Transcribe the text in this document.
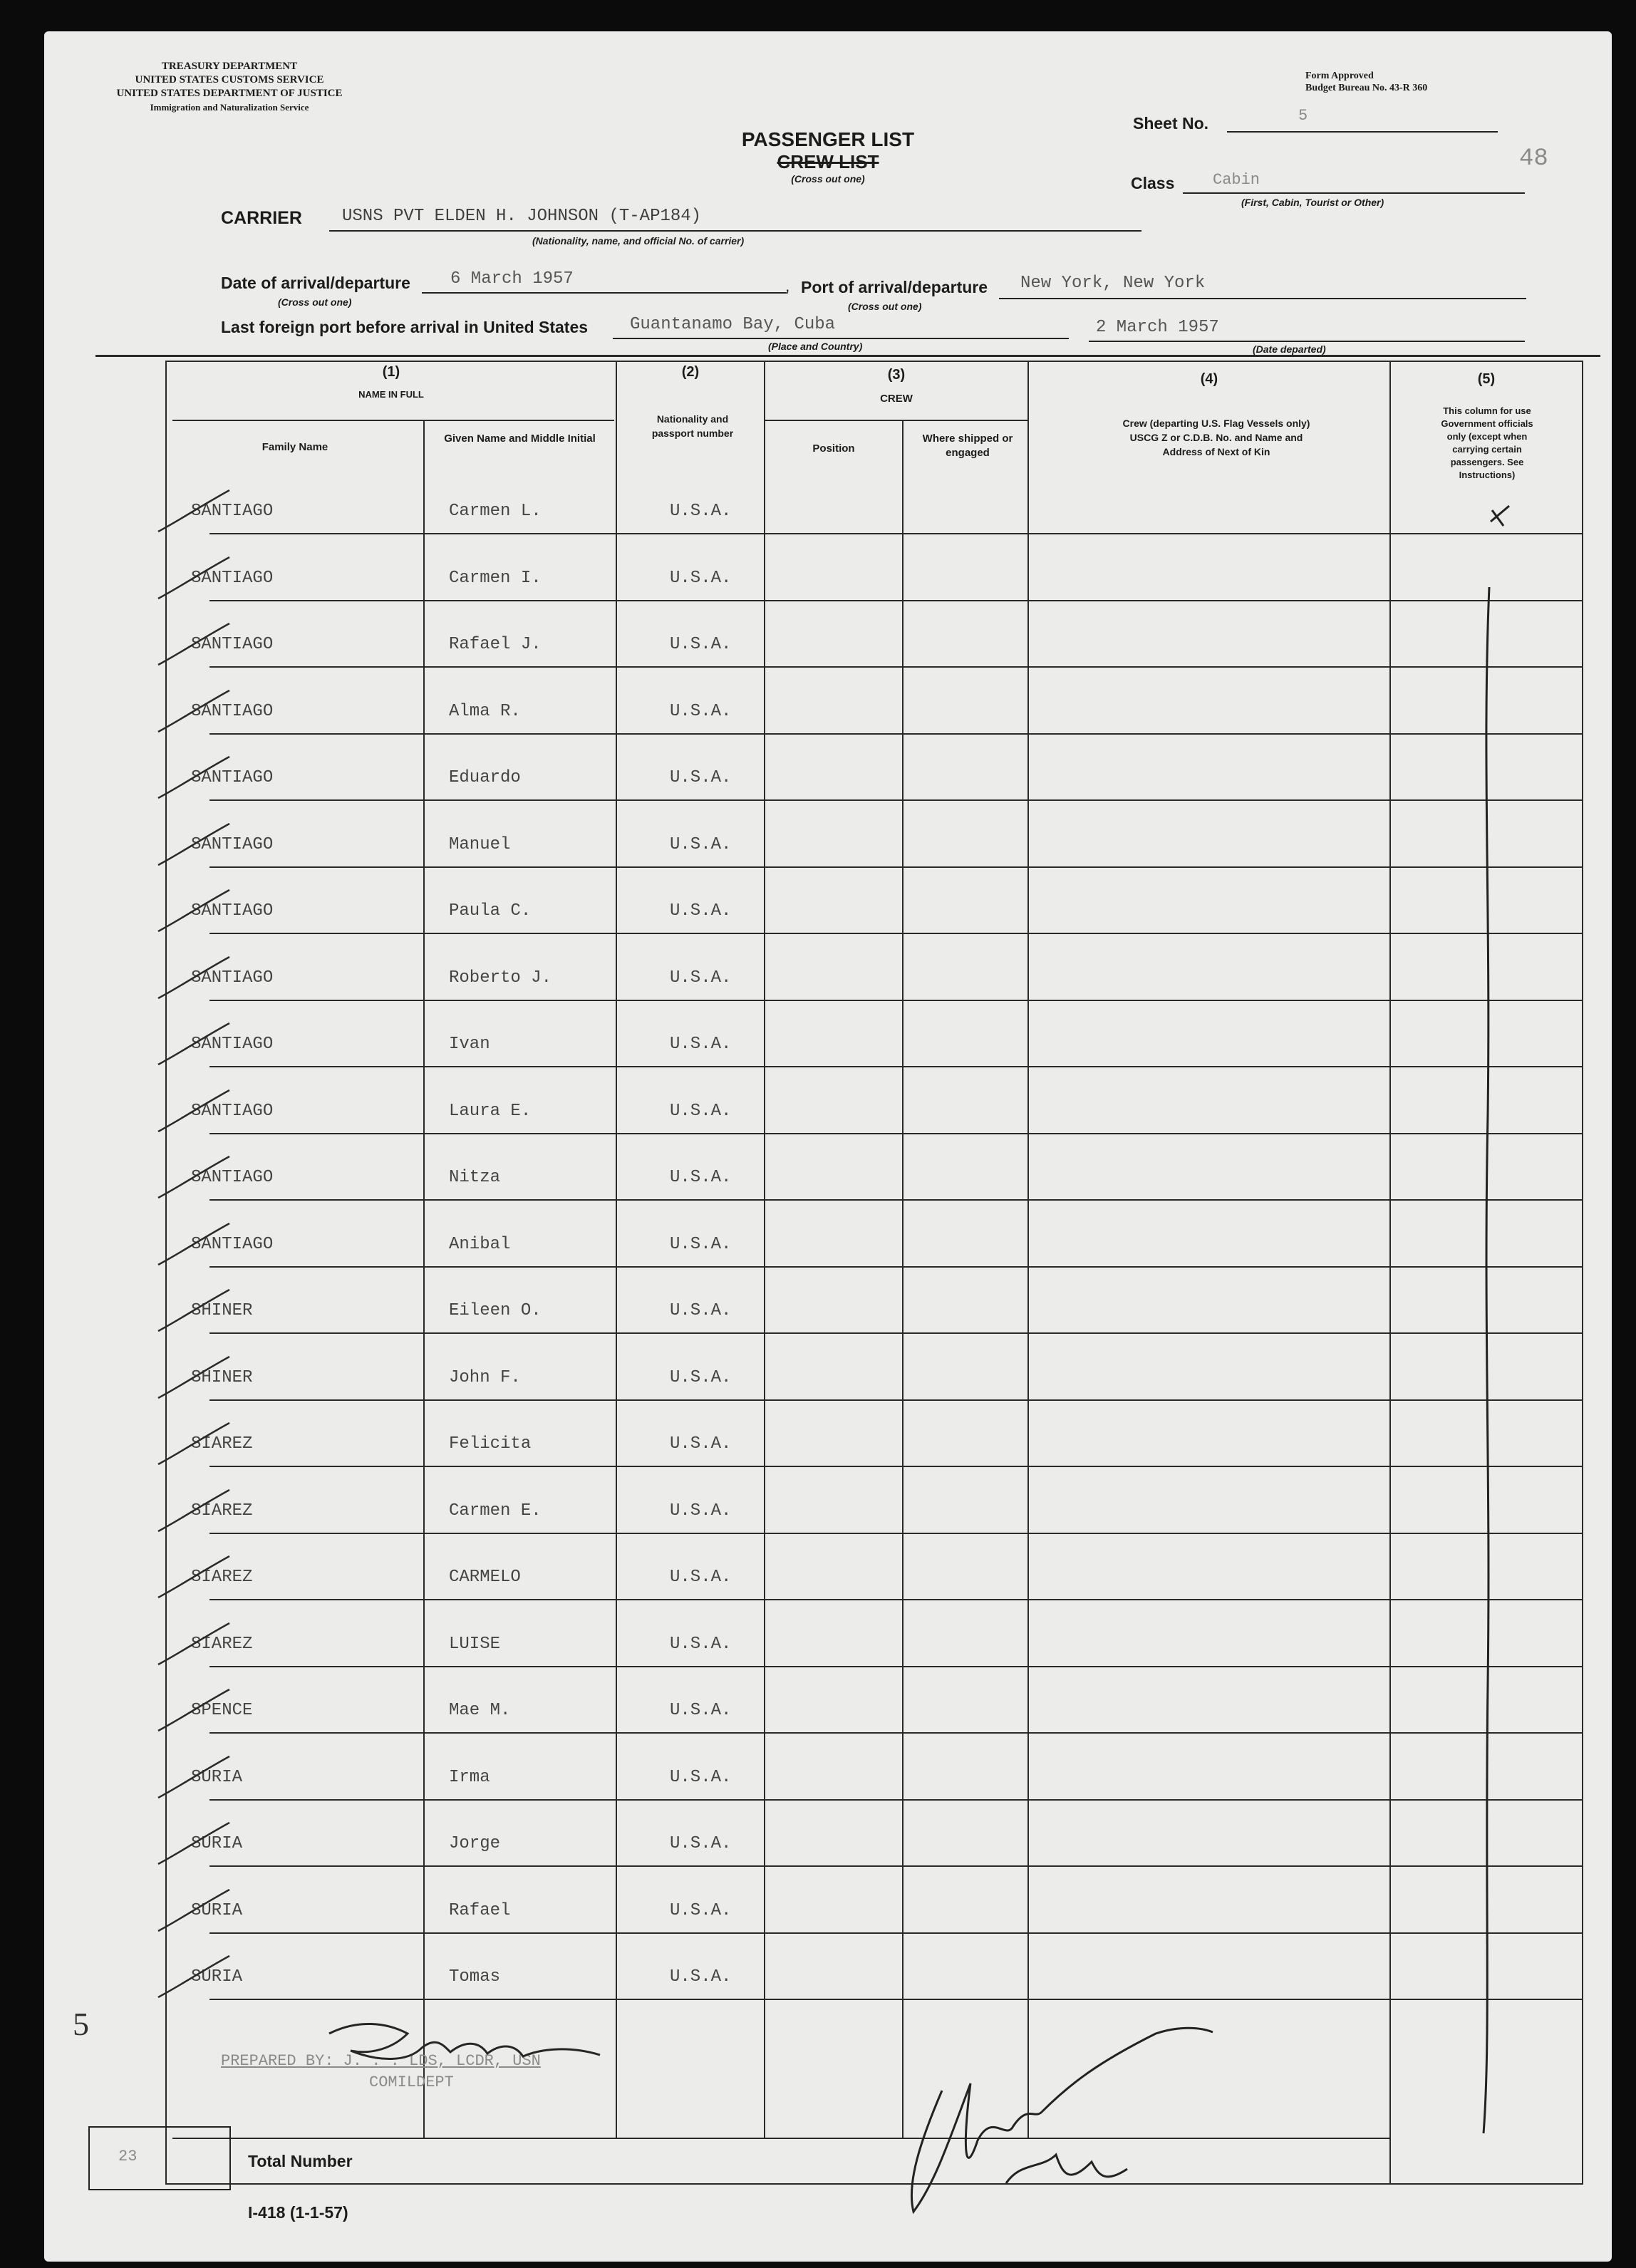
TREASURY DEPARTMENT
UNITED STATES CUSTOMS SERVICE
UNITED STATES DEPARTMENT OF JUSTICE
Immigration and Naturalization Service
Form Approved
Budget Bureau No. 43-R 360
PASSENGER LIST
CREW LIST
(Cross out one)
Sheet No.	5
48
Class Cabin
(First, Cabin, Tourist or Other)
CARRIER USNS PVT ELDEN H. JOHNSON (T-AP184)
(Nationality, name, and official No. of carrier)
Date of arrival/departure 6 March 1957
(Cross out one)
, Port of arrival/departure New York, New York
(Cross out one)
Last foreign port before arrival in United States Guantanamo Bay, Cuba
(Place and Country)
2 March 1957
(Date departed)
(1)
NAME IN FULL
Family Name
Given Name and Middle Initial
(2)
Nationality and passport number
(3)
CREW
Position
Where shipped or engaged
(4)
Crew (departing U.S. Flag Vessels only) USCG Z or C.D.B. No. and Name and Address of Next of Kin
(5)
This column for use Government officials only (except when carrying certain passengers. See Instructions)
SANTIAGO	Carmen L.	U.S.A.
SANTIAGO	Carmen I.	U.S.A.
SANTIAGO	Rafael J.	U.S.A.
SANTIAGO	Alma R.	U.S.A.
SANTIAGO	Eduardo	U.S.A.
SANTIAGO	Manuel	U.S.A.
SANTIAGO	Paula C.	U.S.A.
SANTIAGO	Roberto J.	U.S.A.
SANTIAGO	Ivan	U.S.A.
SANTIAGO	Laura E.	U.S.A.
SANTIAGO	Nitza	U.S.A.
SANTIAGO	Anibal	U.S.A.
SHINER	Eileen O.	U.S.A.
SHINER	John F.	U.S.A.
SIAREZ	Felicita	U.S.A.
SIAREZ	Carmen E.	U.S.A.
SIAREZ	CARMELO	U.S.A.
SIAREZ	LUISE	U.S.A.
SPENCE	Mae M.	U.S.A.
SURIA	Irma	U.S.A.
SURIA	Jorge	U.S.A.
SURIA	Rafael	U.S.A.
SURIA	Tomas	U.S.A.
5
PREPARED BY: J. . . LDS, LCDR, USN
COMILDEPT
23	Total Number
I-418 (1-1-57)
